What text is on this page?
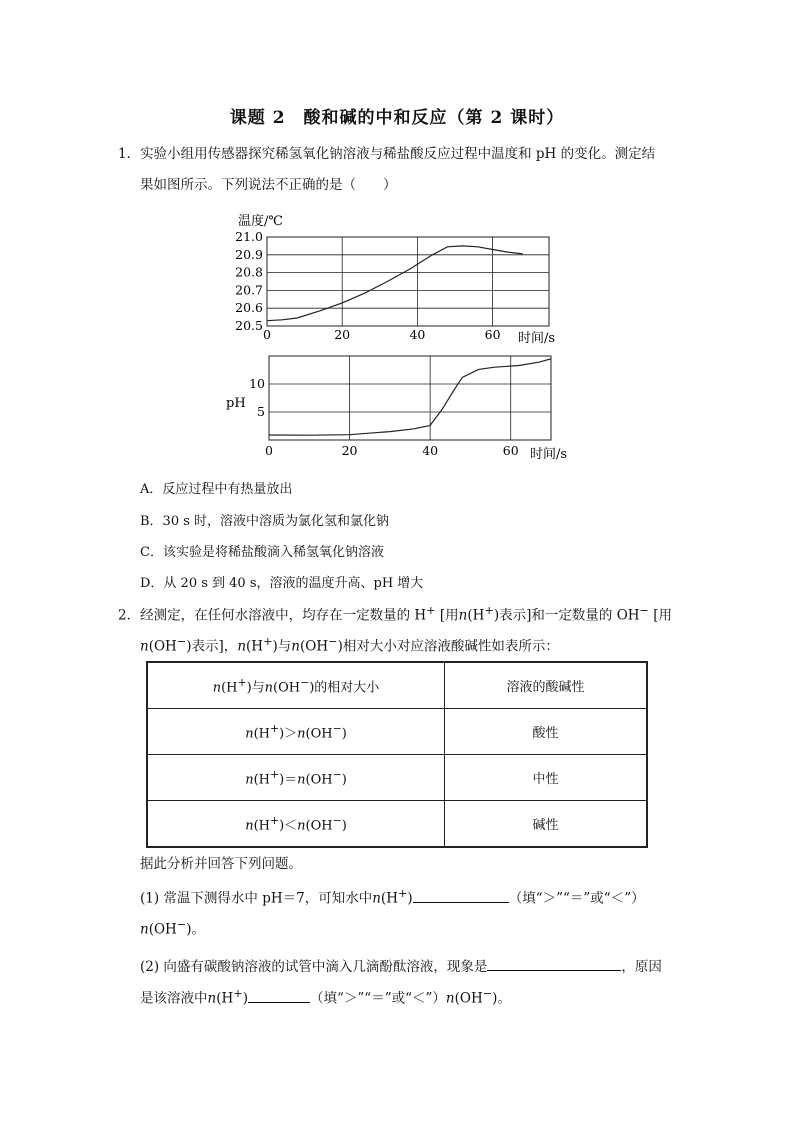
课题 2　酸和碱的中和反应（第 2 课时）
1．实验小组用传感器探究稀氢氧化钠溶液与稀盐酸反应过程中温度和 pH 的变化。测定结
果如图所示。下列说法不正确的是（　　）
20.5
20.6
20.7
20.8
20.9
21.0
0	20	40	60
温度/℃
时间/s
5
10
0	20	40	60
pH
时间/s
A．反应过程中有热量放出
B．30 s 时，溶液中溶质为氯化氢和氯化钠
C．该实验是将稀盐酸滴入稀氢氧化钠溶液
D．从 20 s 到 40 s，溶液的温度升高、pH 增大
2．经测定，在任何水溶液中，均存在一定数量的 H+ [用n(H+)表示]和一定数量的 OH− [用
n(OH−)表示]，n(H+)与n(OH−)相对大小对应溶液酸碱性如表所示：
n(H+)与n(OH−)的相对大小	溶液的酸碱性
n(H+)＞n(OH−)	酸性
n(H+)＝n(OH−)	中性
n(H+)＜n(OH−)	碱性
据此分析并回答下列问题。
(1) 常温下测得水中 pH＝7，可知水中n(H+)	（填“＞”“＝”或“＜”）
n(OH−)。
(2) 向盛有碳酸钠溶液的试管中滴入几滴酚酞溶液，现象是	，原因
是该溶液中n(H+)	（填“＞”“＝”或“＜”）n(OH−)。
